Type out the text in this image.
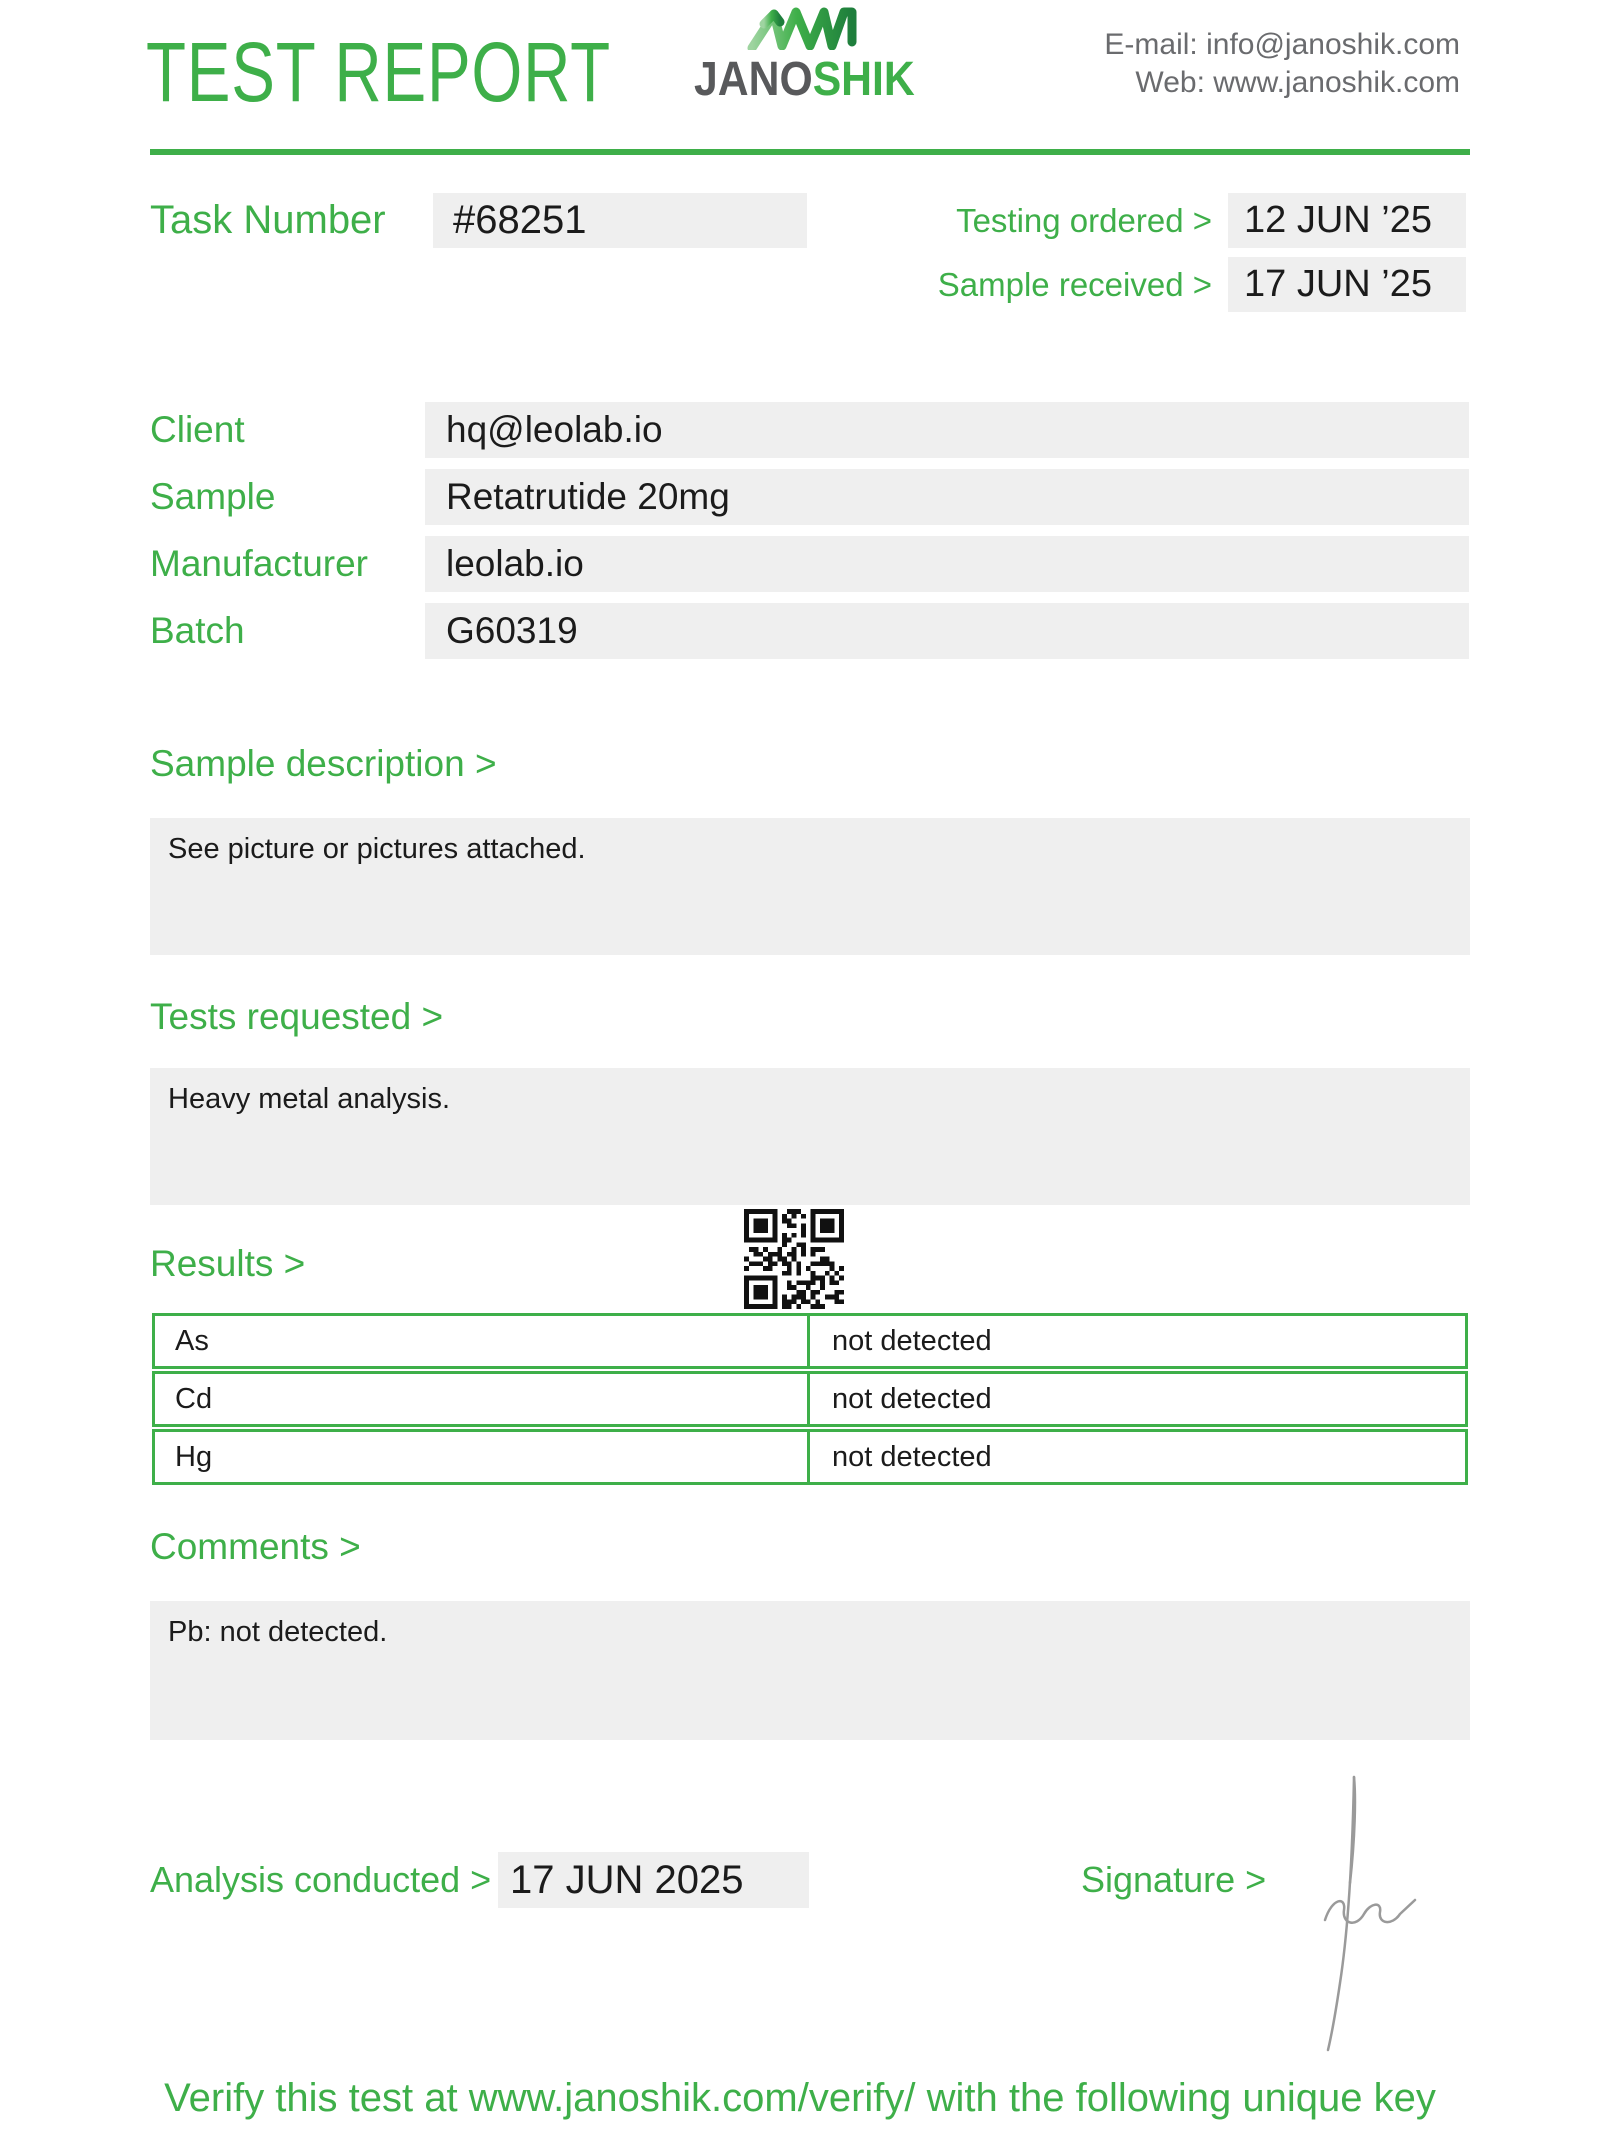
TEST REPORT JANOSHIK
E-mail: info@janoshik.com
Web: www.janoshik.com
Task Number	#68251	Testing ordered > 12 JUN ’25
Sample received > 17 JUN ’25
Client	hq@leolab.io
Sample	Retatrutide 20mg
Manufacturer	leolab.io
Batch	G60319
Sample description >
See picture or pictures attached.
Tests requested >
Heavy metal analysis.
Results >
As	not detected
Cd	not detected
Hg	not detected
Comments >
Pb: not detected.
Analysis conducted > 17 JUN 2025	Signature >
Verify this test at www.janoshik.com/verify/ with the following unique key
